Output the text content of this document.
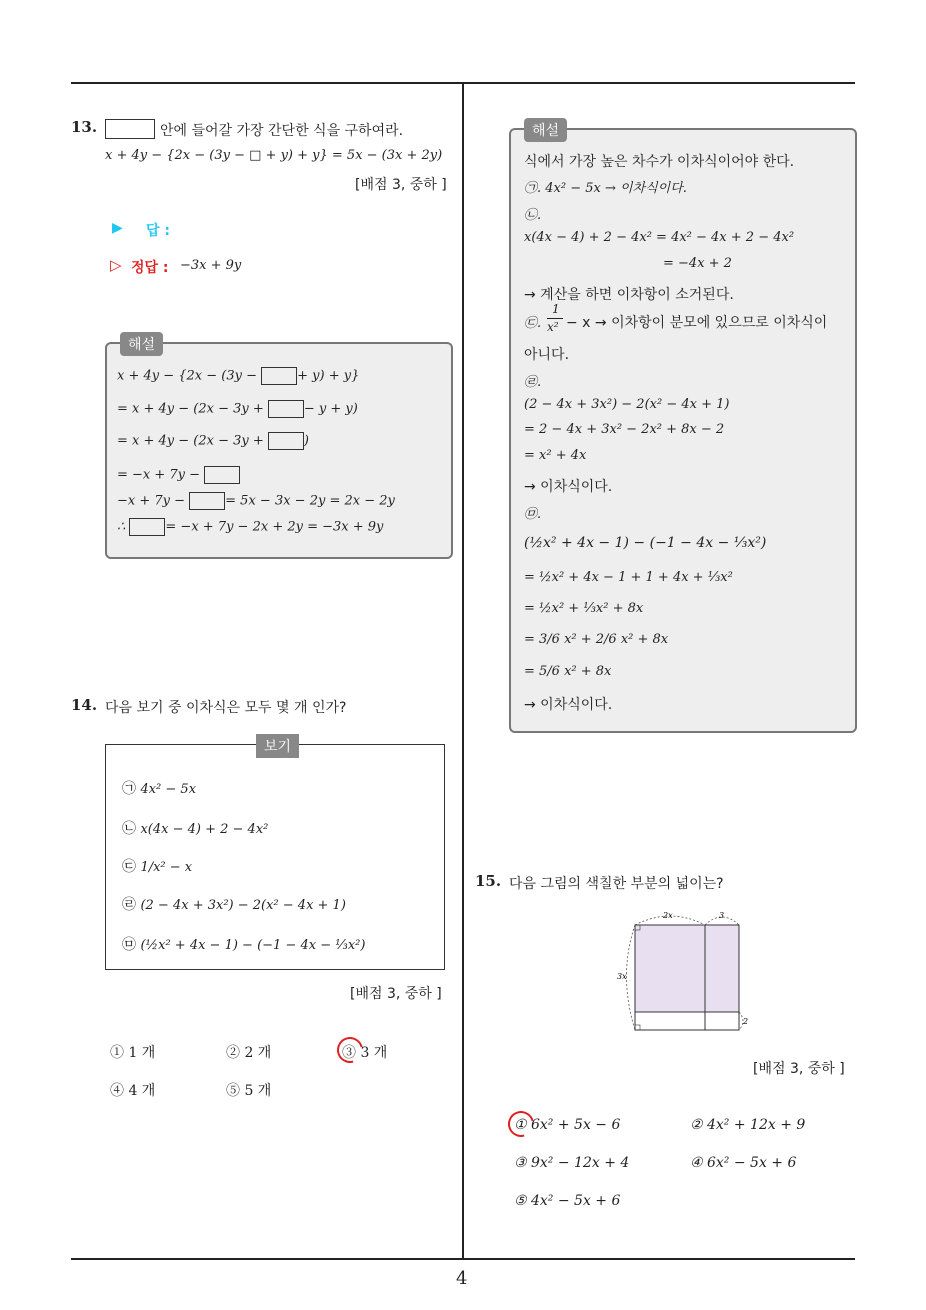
4
13.	안에 들어갈 가장 간단한 식을 구하여라.
x + 4y − {2x − (3y − □ + y) + y} = 5x − (3x + 2y)
[배점 3, 중하 ]
▶ 답 :
▷ 정답 : −3x + 9y
해설
x + 4y − {2x − (3y −	+ y) + y}
= x + 4y − (2x − 3y +	− y + y)
= x + 4y − (2x − 3y +	)
= −x + 7y −
−x + 7y −	= 5x − 3x − 2y = 2x − 2y
∴	= −x + 7y − 2x + 2y = −3x + 9y
14. 다음 보기 중 이차식은 모두 몇 개 인가?
보기
㉠ 4x² − 5x
㉡ x(4x − 4) + 2 − 4x²
㉢ 1/x² − x
㉣ (2 − 4x + 3x²) − 2(x² − 4x + 1)
㉤ (½x² + 4x − 1) − (−1 − 4x − ⅓x²)
[배점 3, 중하 ]
① 1 개	② 2 개	③ 3 개
④ 4 개	⑤ 5 개
해설
식에서 가장 높은 차수가 이차식이어야 한다.
㉠. 4x² − 5x → 이차식이다.
㉡.
x(4x − 4) + 2 − 4x² = 4x² − 4x + 2 − 4x²
= −4x + 2
→ 계산을 하면 이차항이 소거된다.
㉢.
1
x² − x → 이차항이 분모에 있으므로 이차식이
아니다.
㉣.
(2 − 4x + 3x²) − 2(x² − 4x + 1)
= 2 − 4x + 3x² − 2x² + 8x − 2
= x² + 4x
→ 이차식이다.
㉤.
(½x² + 4x − 1) − (−1 − 4x − ⅓x²)
= ½x² + 4x − 1 + 1 + 4x + ⅓x²
= ½x² + ⅓x² + 8x
= 3/6 x² + 2/6 x² + 8x
= 5/6 x² + 8x
→ 이차식이다.
15. 다음 그림의 색칠한 부분의 넓이는?
2x	3
3x
2
[배점 3, 중하 ]
① 6x² + 5x − 6	② 4x² + 12x + 9
③ 9x² − 12x + 4	④ 6x² − 5x + 6
⑤ 4x² − 5x + 6
